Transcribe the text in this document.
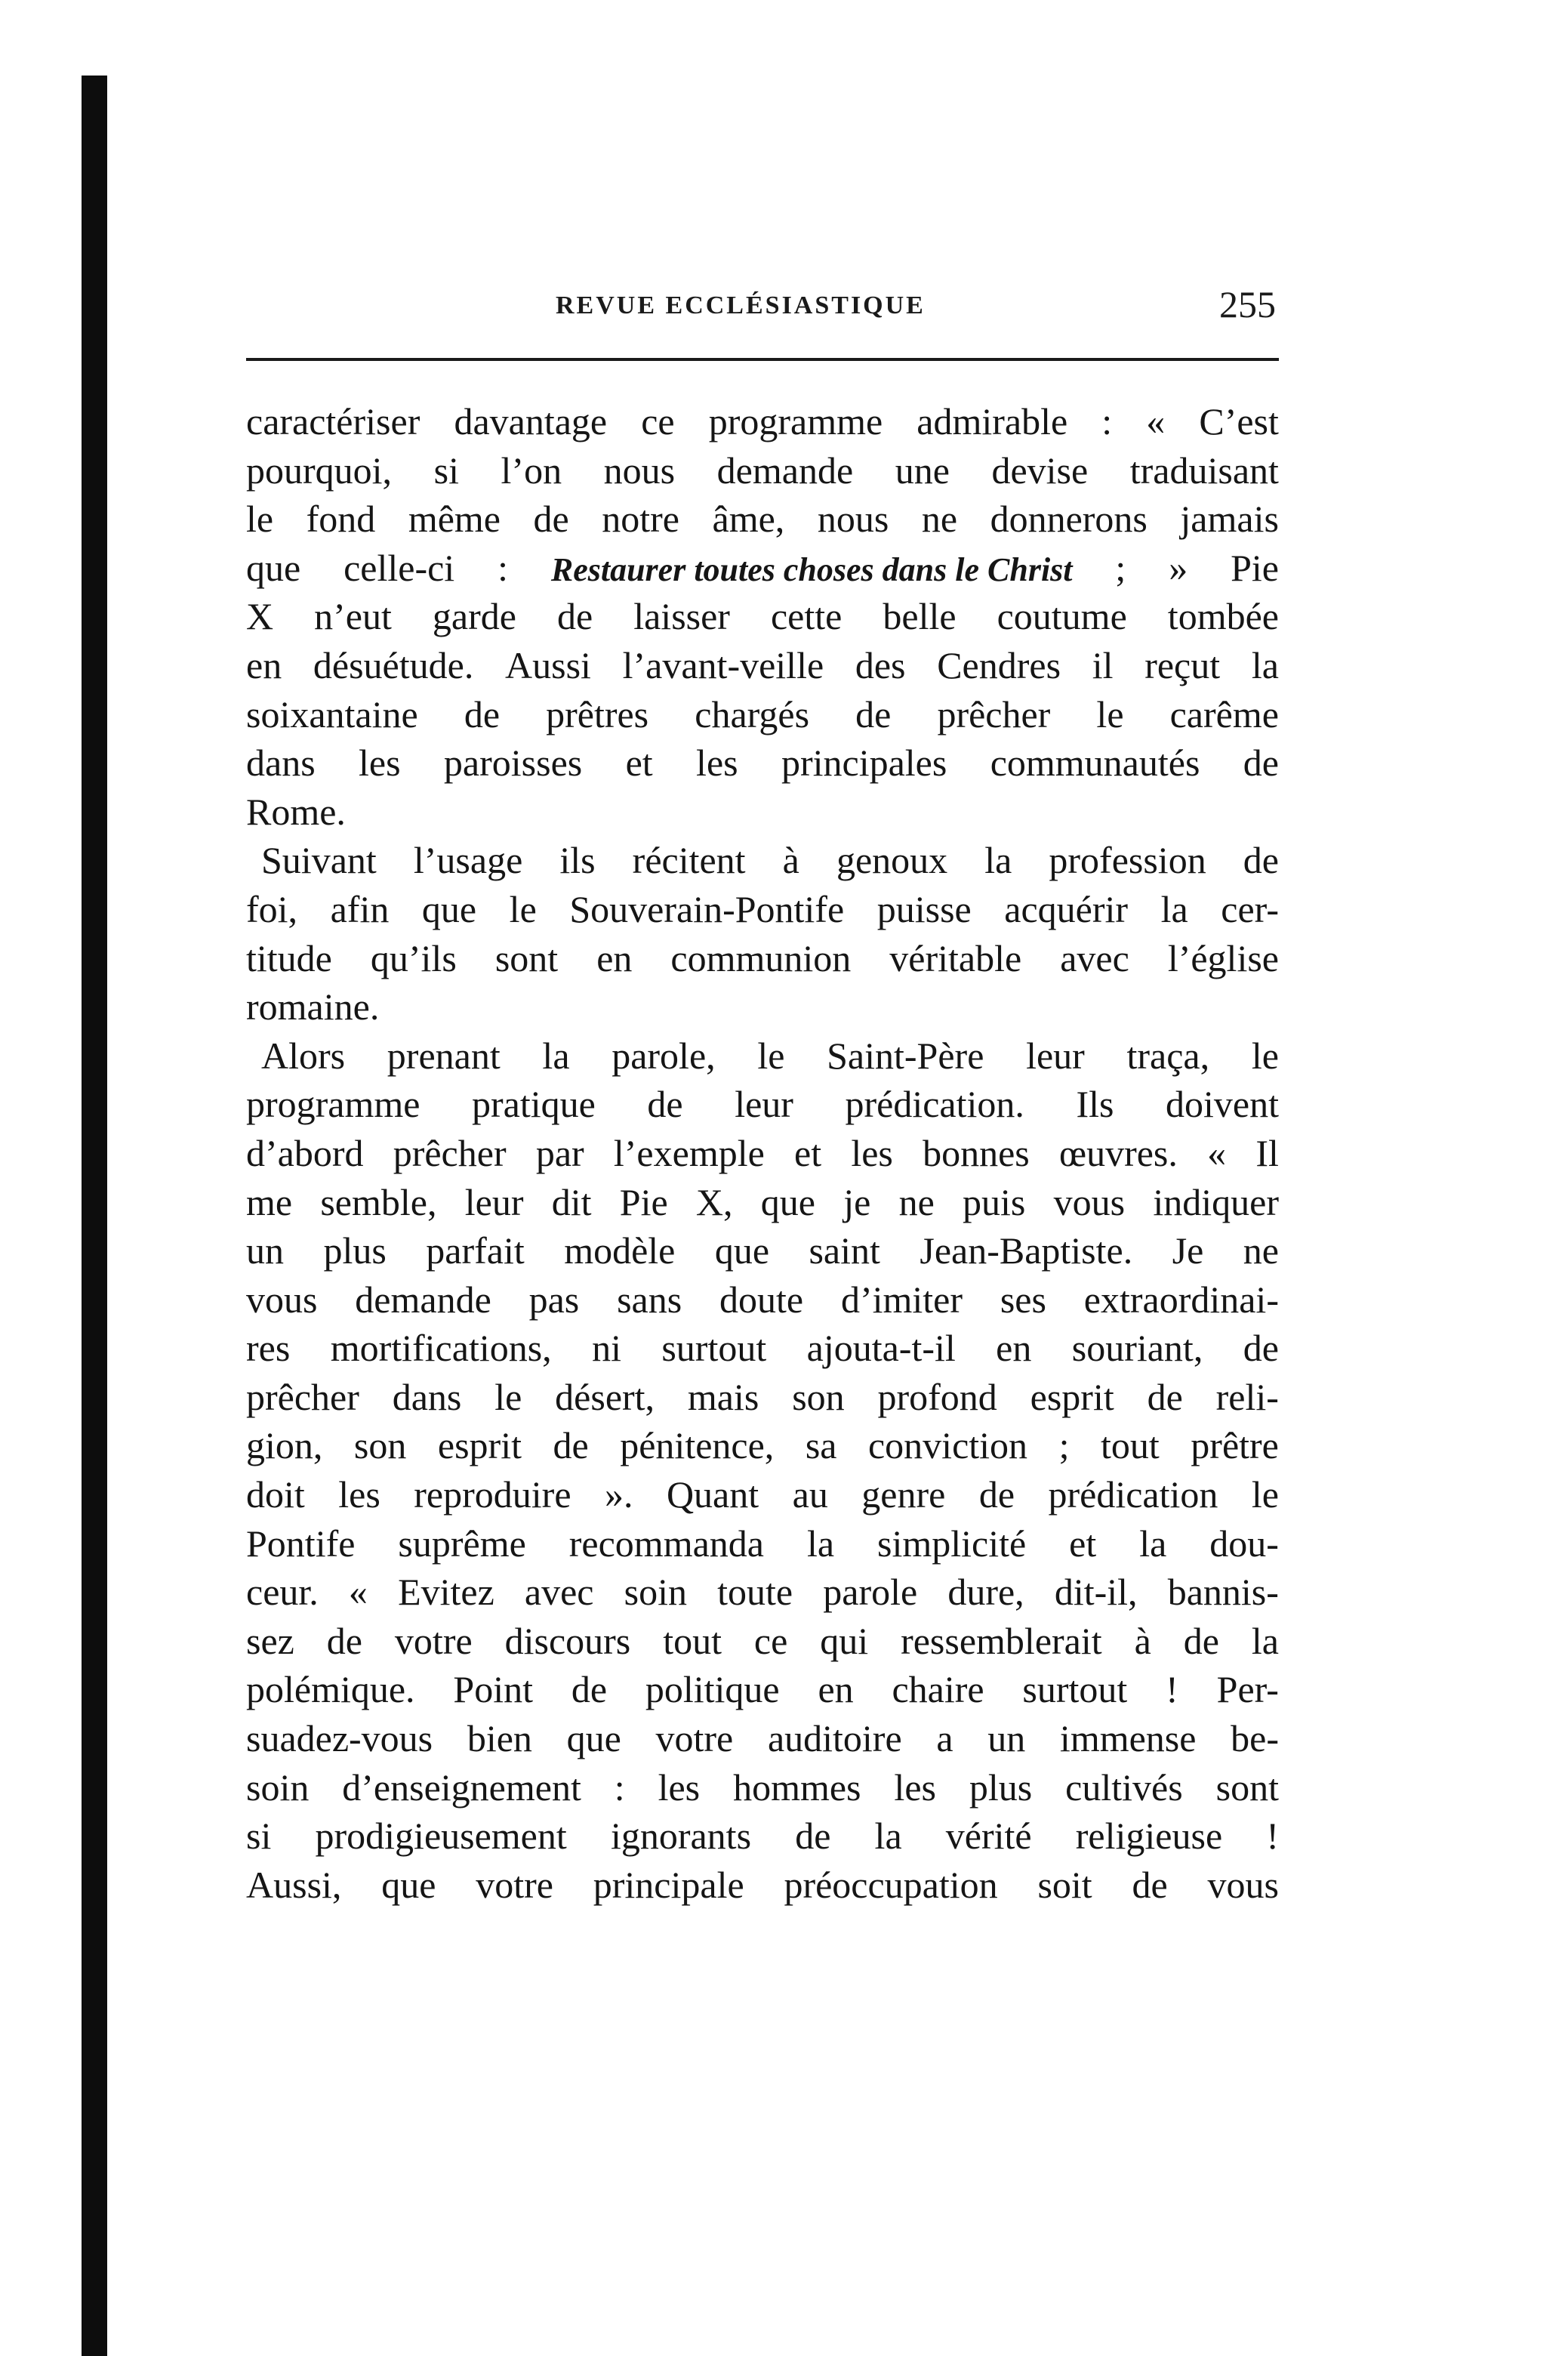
REVUE ECCLÉSIASTIQUE	255
caractériser davantage ce programme admirable : « C’est
pourquoi, si l’on nous demande une devise traduisant
le fond même de notre âme, nous ne donnerons jamais
que celle-ci : Restaurer toutes choses dans le Christ ; » Pie
X n’eut garde de laisser cette belle coutume tombée
en désuétude. Aussi l’avant-veille des Cendres il reçut la
soixantaine de prêtres chargés de prêcher le carême
dans les paroisses et les principales communautés de
Rome.
Suivant l’usage ils récitent à genoux la profession de
foi, afin que le Souverain-Pontife puisse acquérir la cer-
titude qu’ils sont en communion véritable avec l’église
romaine.
Alors prenant la parole, le Saint-Père leur traça, le
programme pratique de leur prédication. Ils doivent
d’abord prêcher par l’exemple et les bonnes œuvres. « Il
me semble, leur dit Pie X, que je ne puis vous indiquer
un plus parfait modèle que saint Jean-Baptiste. Je ne
vous demande pas sans doute d’imiter ses extraordinai-
res mortifications, ni surtout ajouta-t-il en souriant, de
prêcher dans le désert, mais son profond esprit de reli-
gion, son esprit de pénitence, sa conviction ; tout prêtre
doit les reproduire ». Quant au genre de prédication le
Pontife suprême recommanda la simplicité et la dou-
ceur. « Evitez avec soin toute parole dure, dit-il, bannis-
sez de votre discours tout ce qui ressemblerait à de la
polémique. Point de politique en chaire surtout ! Per-
suadez-vous bien que votre auditoire a un immense be-
soin d’enseignement : les hommes les plus cultivés sont
si prodigieusement ignorants de la vérité religieuse !
Aussi, que votre principale préoccupation soit de vous
